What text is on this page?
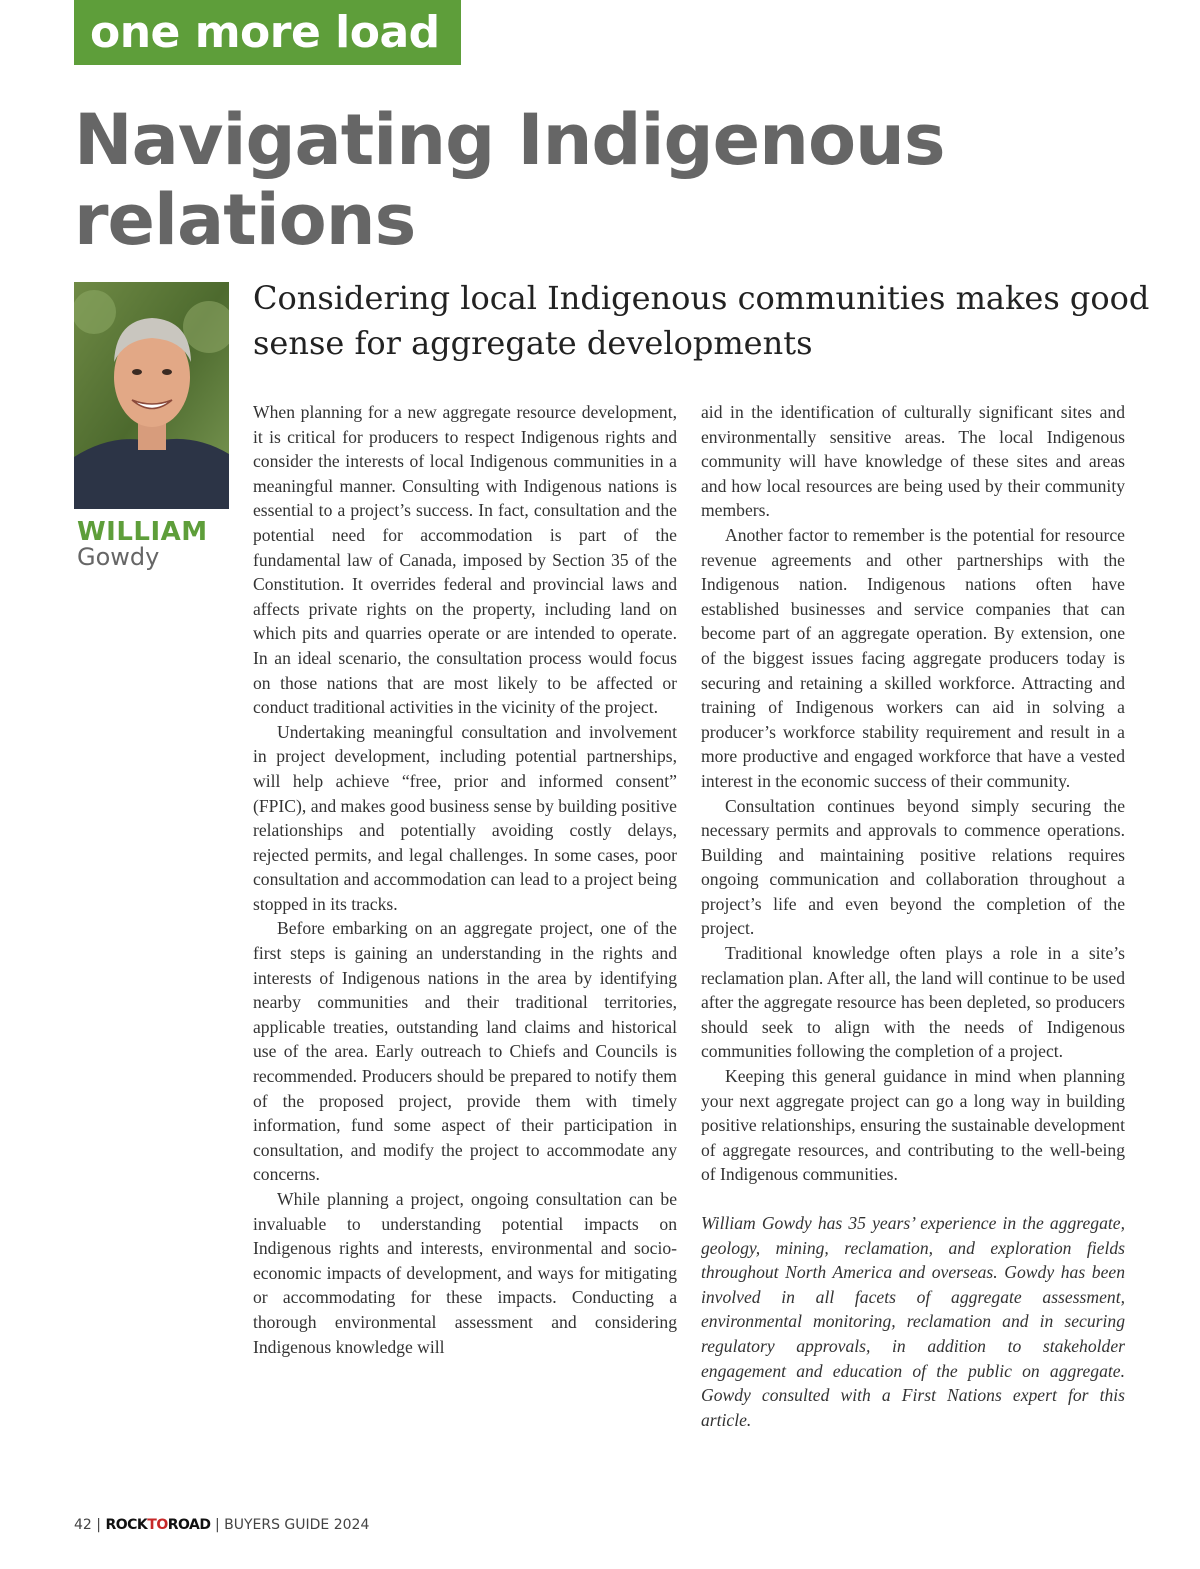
one more load
Navigating Indigenous relations
WILLIAM
Gowdy
Considering local Indigenous communities makes good sense for aggregate developments

When planning for a new aggregate resource development, it is critical for producers to respect Indigenous rights and consider the interests of local Indigenous communities in a meaningful manner. Consulting with Indigenous nations is essential to a project’s success. In fact, consultation and the potential need for accommodation is part of the fundamental law of Canada, imposed by Section 35 of the Constitution. It overrides federal and provincial laws and affects private rights on the property, including land on which pits and quarries operate or are intended to operate. In an ideal scenario, the consultation process would focus on those nations that are most likely to be affected or conduct traditional activities in the vicinity of the project.

Undertaking meaningful consultation and involvement in project development, including potential partnerships, will help achieve “free, prior and informed consent” (FPIC), and makes good business sense by building positive relationships and potentially avoiding costly delays, rejected permits, and legal challenges. In some cases, poor consultation and accommodation can lead to a project being stopped in its tracks.

Before embarking on an aggregate project, one of the first steps is gaining an understanding in the rights and interests of Indigenous nations in the area by identifying nearby communities and their traditional territories, applicable treaties, outstanding land claims and historical use of the area. Early outreach to Chiefs and Councils is recommended. Producers should be prepared to notify them of the proposed project, provide them with timely information, fund some aspect of their participation in consultation, and modify the project to accommodate any concerns.

While planning a project, ongoing consultation can be invaluable to understanding potential impacts on Indigenous rights and interests, environmental and socio-economic impacts of development, and ways for mitigating or accommodating for these impacts. Conducting a thorough environmental assessment and considering Indigenous knowledge will

aid in the identification of culturally significant sites and environmentally sensitive areas. The local Indigenous community will have knowledge of these sites and areas and how local resources are being used by their community members.

Another factor to remember is the potential for resource revenue agreements and other partnerships with the Indigenous nation. Indigenous nations often have established businesses and service companies that can become part of an aggregate operation. By extension, one of the biggest issues facing aggregate producers today is securing and retaining a skilled workforce. Attracting and training of Indigenous workers can aid in solving a producer’s workforce stability requirement and result in a more productive and engaged workforce that have a vested interest in the economic success of their community.

Consultation continues beyond simply securing the necessary permits and approvals to commence operations. Building and maintaining positive relations requires ongoing communication and collaboration throughout a project’s life and even beyond the completion of the project.

Traditional knowledge often plays a role in a site’s reclamation plan. After all, the land will continue to be used after the aggregate resource has been depleted, so producers should seek to align with the needs of Indigenous communities following the completion of a project.

Keeping this general guidance in mind when planning your next aggregate project can go a long way in building positive relationships, ensuring the sustainable development of aggregate resources, and contributing to the well-being of Indigenous communities.

William Gowdy has 35 years’ experience in the aggregate, geology, mining, reclamation, and exploration fields throughout North America and overseas. Gowdy has been involved in all facets of aggregate assessment, environmental monitoring, reclamation and in securing regulatory approvals, in addition to stakeholder engagement and education of the public on aggregate. Gowdy consulted with a First Nations expert for this article.

42 | ROCKTOROAD | BUYERS GUIDE 2024
